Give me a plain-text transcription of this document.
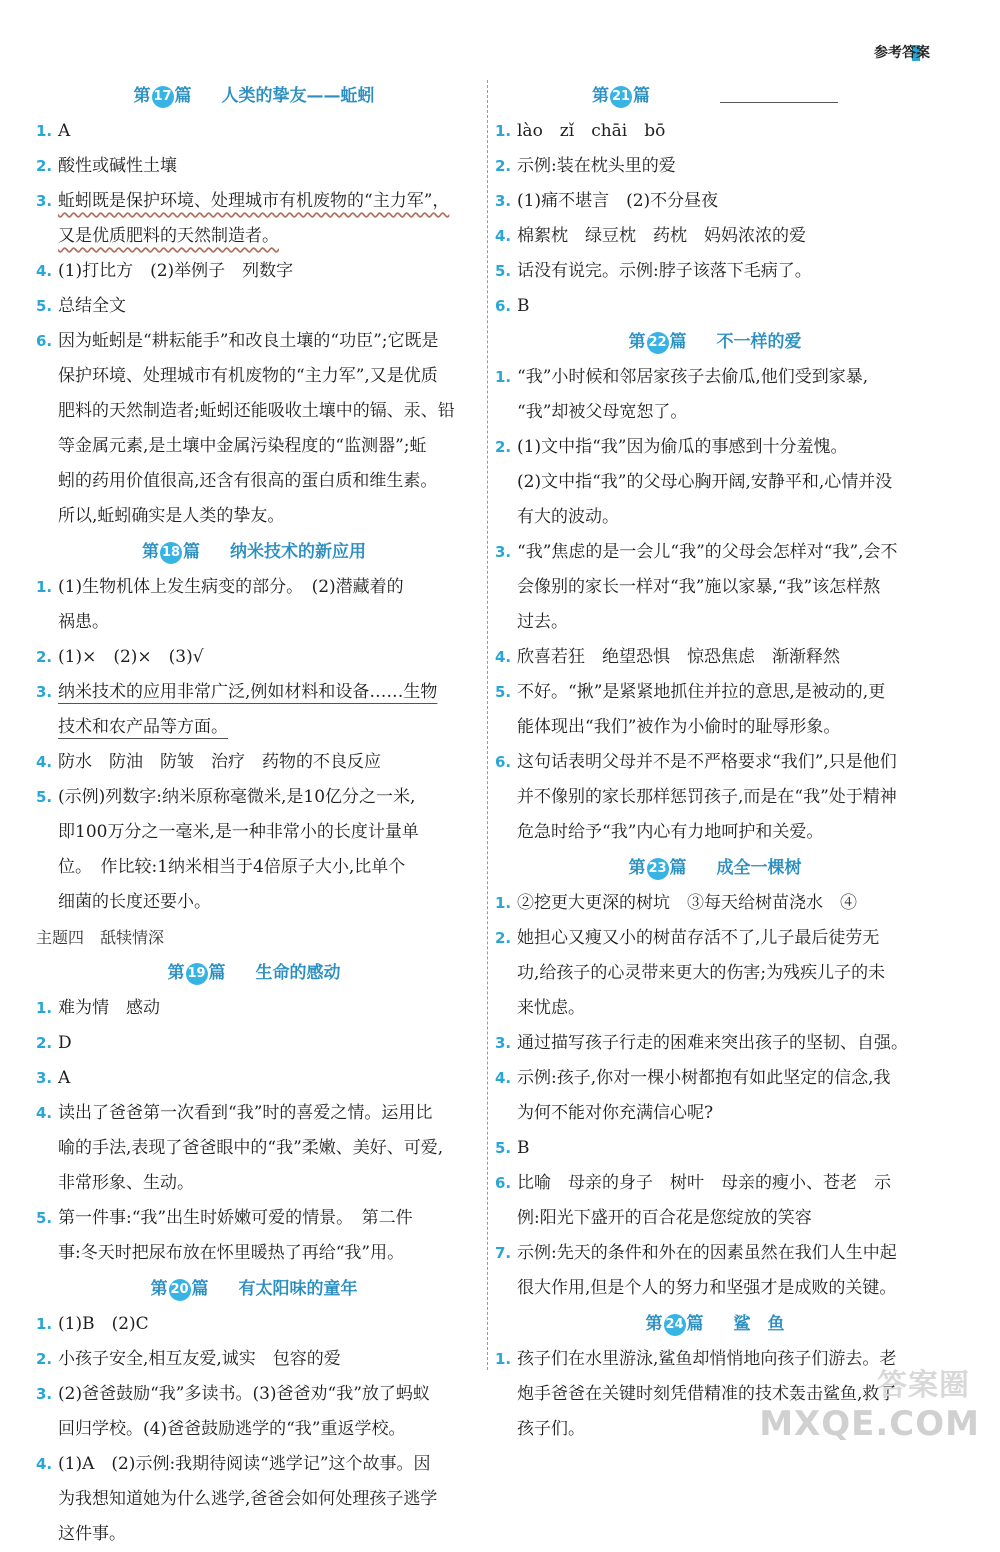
参考答案
第 17 篇 人类的挚友——蚯蚓
1. A
2. 酸性或碱性土壤
3. 蚯蚓既是保护环境、处理城市有机废物的“主力军”，
又是优质肥料的天然制造者。
4. (1)打比方　(2)举例子　列数字
5. 总结全文
6. 因为蚯蚓是“耕耘能手”和改良土壤的“功臣”;它既是
保护环境、处理城市有机废物的“主力军”,又是优质
肥料的天然制造者;蚯蚓还能吸收土壤中的镉、汞、铅
等金属元素,是土壤中金属污染程度的“监测器”;蚯
蚓的药用价值很高,还含有很高的蛋白质和维生素。
所以,蚯蚓确实是人类的挚友。
第 18 篇 纳米技术的新应用
1. (1)生物机体上发生病变的部分。　(2)潜藏着的
祸患。
2. (1)×　(2)×　(3)√
3. 纳米技术的应用非常广泛,例如材料和设备……生物
技术和农产品等方面。
4. 防水　防油　防皱　治疗　药物的不良反应
5. (示例)列数字:纳米原称毫微米,是10亿分之一米,
即100万分之一毫米,是一种非常小的长度计量单
位。　作比较:1纳米相当于4倍原子大小,比单个
细菌的长度还要小。
主题四　舐犊情深
第 19 篇 生命的感动
1. 难为情　感动
2. D
3. A
4. 读出了爸爸第一次看到“我”时的喜爱之情。运用比
喻的手法,表现了爸爸眼中的“我”柔嫩、美好、可爱,
非常形象、生动。
5. 第一件事:“我”出生时娇嫩可爱的情景。　第二件
事:冬天时把尿布放在怀里暖热了再给“我”用。
第 20 篇 有太阳味的童年
1. (1)B　(2)C
2. 小孩子安全,相互友爱,诚实　包容的爱
3. (2)爸爸鼓励“我”多读书。(3)爸爸劝“我”放了蚂蚁
回归学校。(4)爸爸鼓励逃学的“我”重返学校。
4. (1)A　(2)示例:我期待阅读“逃学记”这个故事。因
为我想知道她为什么逃学,爸爸会如何处理孩子逃学
这件事。
第 21 篇
1. lào　zǐ　chāi　bō
2. 示例:装在枕头里的爱
3. (1)痛不堪言　(2)不分昼夜
4. 棉絮枕　绿豆枕　药枕　妈妈浓浓的爱
5. 话没有说完。示例:脖子该落下毛病了。
6. B
第 22 篇 不一样的爱
1. “我”小时候和邻居家孩子去偷瓜,他们受到家暴,
“我”却被父母宽恕了。
2. (1)文中指“我”因为偷瓜的事感到十分羞愧。
(2)文中指“我”的父母心胸开阔,安静平和,心情并没
有大的波动。
3. “我”焦虑的是一会儿“我”的父母会怎样对“我”,会不
会像别的家长一样对“我”施以家暴,“我”该怎样熬
过去。
4. 欣喜若狂　绝望恐惧　惊恐焦虑　渐渐释然
5. 不好。“揪”是紧紧地抓住并拉的意思,是被动的,更
能体现出“我们”被作为小偷时的耻辱形象。
6. 这句话表明父母并不是不严格要求“我们”,只是他们
并不像别的家长那样惩罚孩子,而是在“我”处于精神
危急时给予“我”内心有力地呵护和关爱。
第 23 篇 成全一棵树
1. ②挖更大更深的树坑　③每天给树苗浇水　④
2. 她担心又瘦又小的树苗存活不了,儿子最后徒劳无
功,给孩子的心灵带来更大的伤害;为残疾儿子的未
来忧虑。
3. 通过描写孩子行走的困难来突出孩子的坚韧、自强。
4. 示例:孩子,你对一棵小树都抱有如此坚定的信念,我
为何不能对你充满信心呢?
5. B
6. 比喻　母亲的身子　树叶　母亲的瘦小、苍老　示
例:阳光下盛开的百合花是您绽放的笑容
7. 示例:先天的条件和外在的因素虽然在我们人生中起
很大作用,但是个人的努力和坚强才是成败的关键。
第 24 篇 鲨　鱼
1. 孩子们在水里游泳,鲨鱼却悄悄地向孩子们游去。老
炮手爸爸在关键时刻凭借精准的技术轰击鲨鱼,救了
孩子们。
答案圈
MXQE.COM
